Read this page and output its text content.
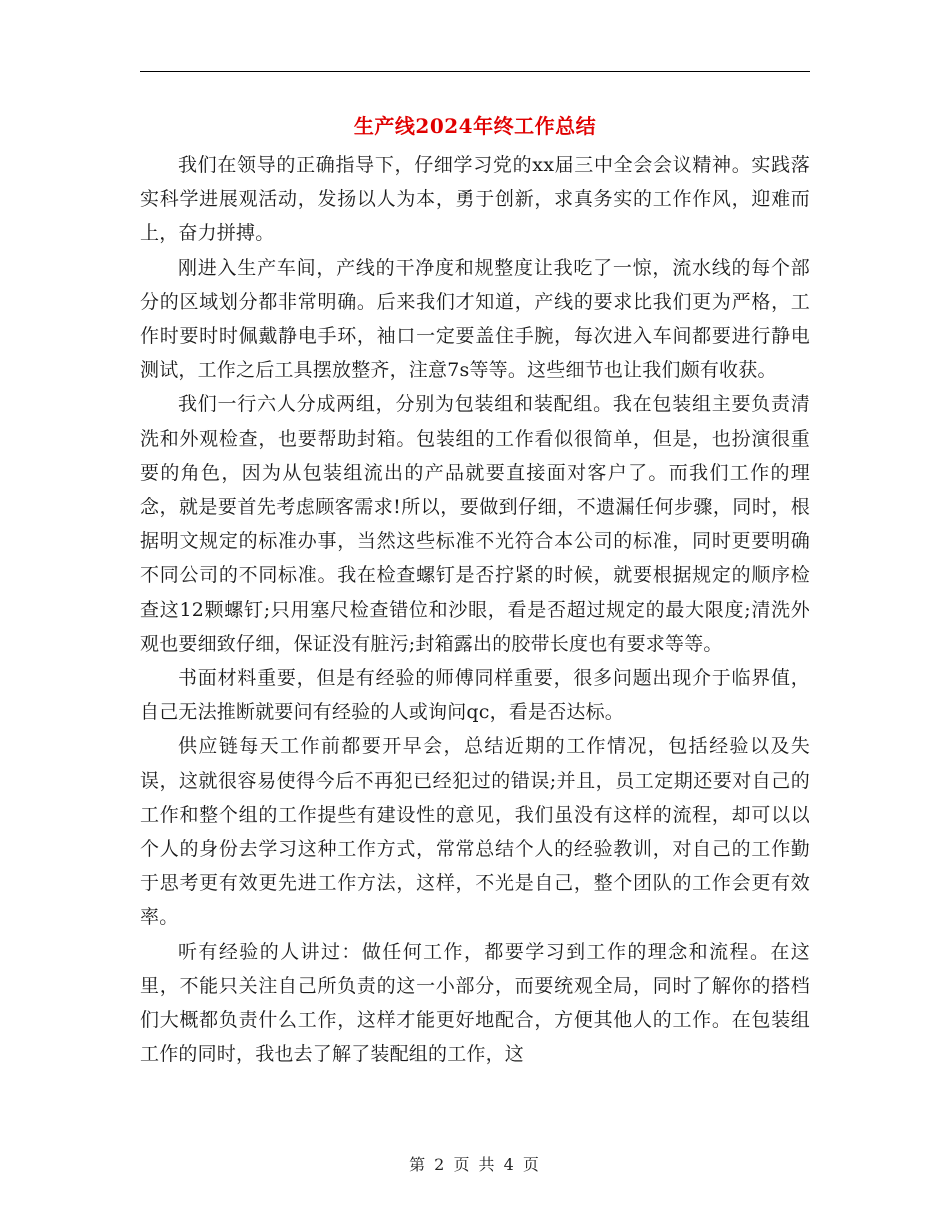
生产线2024年终工作总结

我们在领导的正确指导下，仔细学习党的xx届三中全会会议精神。实践落实科学进展观活动，发扬以人为本，勇于创新，求真务实的工作作风，迎难而上，奋力拼搏。

刚进入生产车间，产线的干净度和规整度让我吃了一惊，流水线的每个部分的区域划分都非常明确。后来我们才知道，产线的要求比我们更为严格，工作时要时时佩戴静电手环，袖口一定要盖住手腕，每次进入车间都要进行静电测试，工作之后工具摆放整齐，注意7s等等。这些细节也让我们颇有收获。

我们一行六人分成两组，分别为包装组和装配组。我在包装组主要负责清洗和外观检查，也要帮助封箱。包装组的工作看似很简单，但是，也扮演很重要的角色，因为从包装组流出的产品就要直接面对客户了。而我们工作的理念，就是要首先考虑顾客需求!所以，要做到仔细，不遗漏任何步骤，同时，根据明文规定的标准办事，当然这些标准不光符合本公司的标准，同时更要明确不同公司的不同标准。我在检查螺钉是否拧紧的时候，就要根据规定的顺序检查这12颗螺钉;只用塞尺检查错位和沙眼，看是否超过规定的最大限度;清洗外观也要细致仔细，保证没有脏污;封箱露出的胶带长度也有要求等等。

书面材料重要，但是有经验的师傅同样重要，很多问题出现介于临界值，自己无法推断就要问有经验的人或询问qc，看是否达标。

供应链每天工作前都要开早会，总结近期的工作情况，包括经验以及失误，这就很容易使得今后不再犯已经犯过的错误;并且，员工定期还要对自己的工作和整个组的工作提些有建设性的意见，我们虽没有这样的流程，却可以以个人的身份去学习这种工作方式，常常总结个人的经验教训，对自己的工作勤于思考更有效更先进工作方法，这样，不光是自己，整个团队的工作会更有效率。

听有经验的人讲过：做任何工作，都要学习到工作的理念和流程。在这里，不能只关注自己所负责的这一小部分，而要统观全局，同时了解你的搭档们大概都负责什么工作，这样才能更好地配合，方便其他人的工作。在包装组工作的同时，我也去了解了装配组的工作，这

第 2 页 共 4 页
